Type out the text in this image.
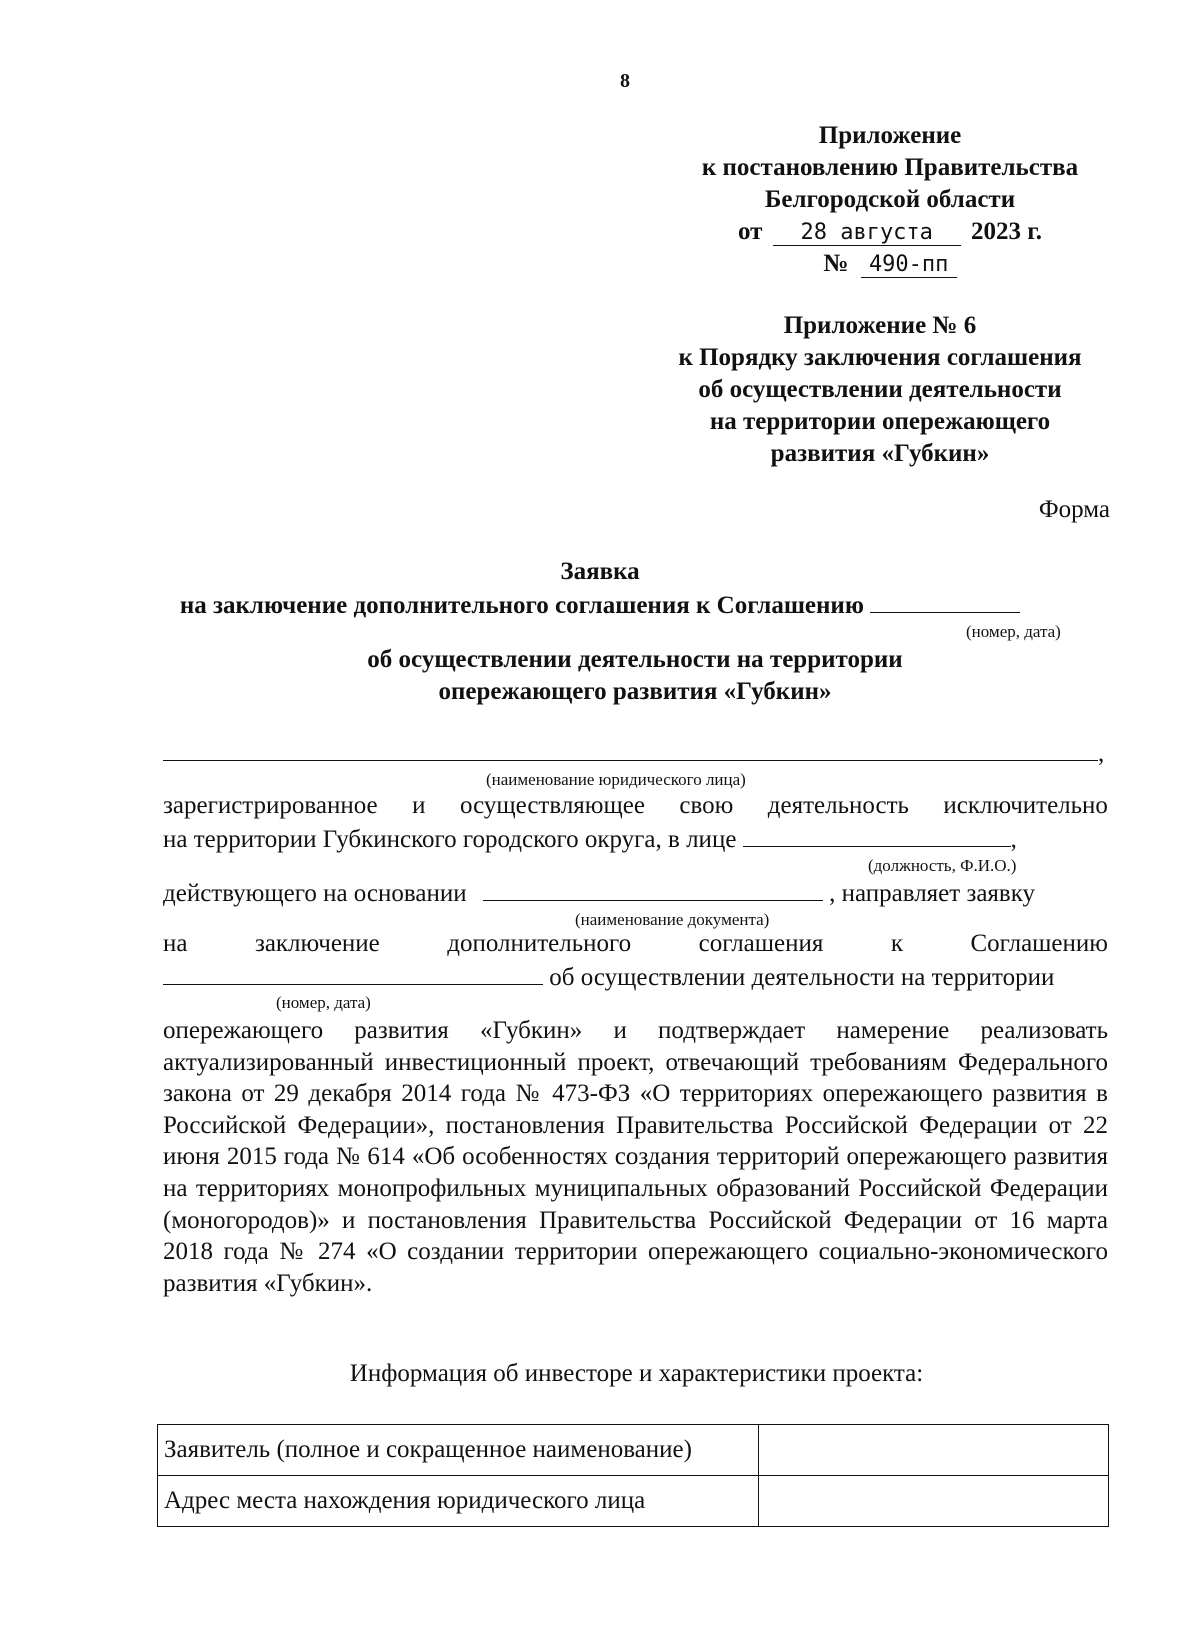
8
Приложение
к постановлению Правительства
Белгородской области
от 28 августа 2023 г.
№ 490-пп
Приложение № 6
к Порядку заключения соглашения
об осуществлении деятельности
на территории опережающего
развития «Губкин»
Форма
Заявка
на заключение дополнительного соглашения к Соглашению
(номер, дата)
об осуществлении деятельности на территории
опережающего развития «Губкин»
,
(наименование юридического лица)
зарегистрированное и осуществляющее свою деятельность исключительно
на территории Губкинского городского округа, в лице	,
(должность, Ф.И.О.)
действующего на основании	, направляет заявку
(наименование документа)
на	заключение	дополнительного	соглашения	к	Соглашению
об осуществлении деятельности на территории
(номер, дата)
опережающего развития «Губкин» и подтверждает намерение реализовать актуализированный инвестиционный проект, отвечающий требованиям Федерального закона от 29 декабря 2014 года № 473-ФЗ «О территориях опережающего развития в Российской Федерации», постановления Правительства Российской Федерации от 22 июня 2015 года № 614 «Об особенностях создания территорий опережающего развития на территориях монопрофильных муниципальных образований Российской Федерации (моногородов)» и постановления Правительства Российской Федерации от 16 марта 2018 года № 274 «О создании территории опережающего социально-экономического развития «Губкин».
Информация об инвесторе и характеристики проекта:
Заявитель (полное и сокращенное наименование)	
Адрес места нахождения юридического лица	
